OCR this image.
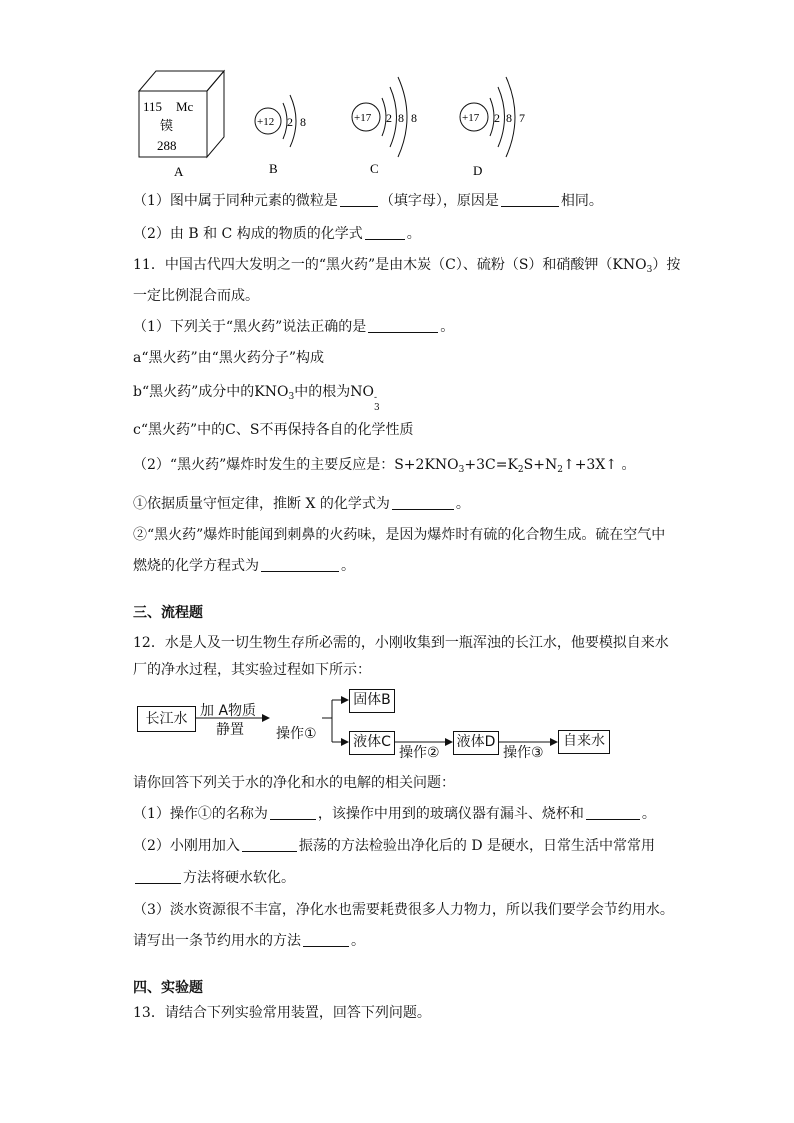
115 Mc
镆
288
A
+12 2 8
B
+17 2 8 8
C
+17 2 8 7
D
（1）图中属于同种元素的微粒是	（填字母），原因是	相同。
（2）由 B 和 C 构成的物质的化学式	。
11．中国古代四大发明之一的“黑火药”是由木炭（C）、硫粉（S）和硝酸钾$(KNO_3)$按
一定比例混合而成。
（1）下列关于“黑火药”说法正确的是	。
a“黑火药”由“黑火药分子”构成
b“黑火药”成分中的$KNO_3$中的根为NO -
3
c“黑火药”中的C、S不再保持各自的化学性质
（2）“黑火药”爆炸时发生的主要反应是：$S+2KNO_3+3C=K_2S+N_2↑+3X↑$ 。
①依据质量守恒定律，推断 X 的化学式为	。
②“黑火药”爆炸时能闻到刺鼻的火药味，是因为爆炸时有硫的化合物生成。硫在空气中
燃烧的化学方程式为	。
三、流程题
12．水是人及一切生物生存所必需的，小刚收集到一瓶浑浊的长江水，他要模拟自来水
厂的净水过程，其实验过程如下所示：
长江水 加 A物质
静置 操作①
固体B
液体C
操作②
液体D
操作③
自来水
请你回答下列关于水的净化和水的电解的相关问题：
（1）操作①的名称为	，该操作中用到的玻璃仪器有漏斗、烧杯和	。
（2）小刚用加入	振荡的方法检验出净化后的 D 是硬水，日常生活中常常用
方法将硬水软化。
（3）淡水资源很不丰富，净化水也需要耗费很多人力物力，所以我们要学会节约用水。
请写出一条节约用水的方法	。
四、实验题
13．请结合下列实验常用装置，回答下列问题。
